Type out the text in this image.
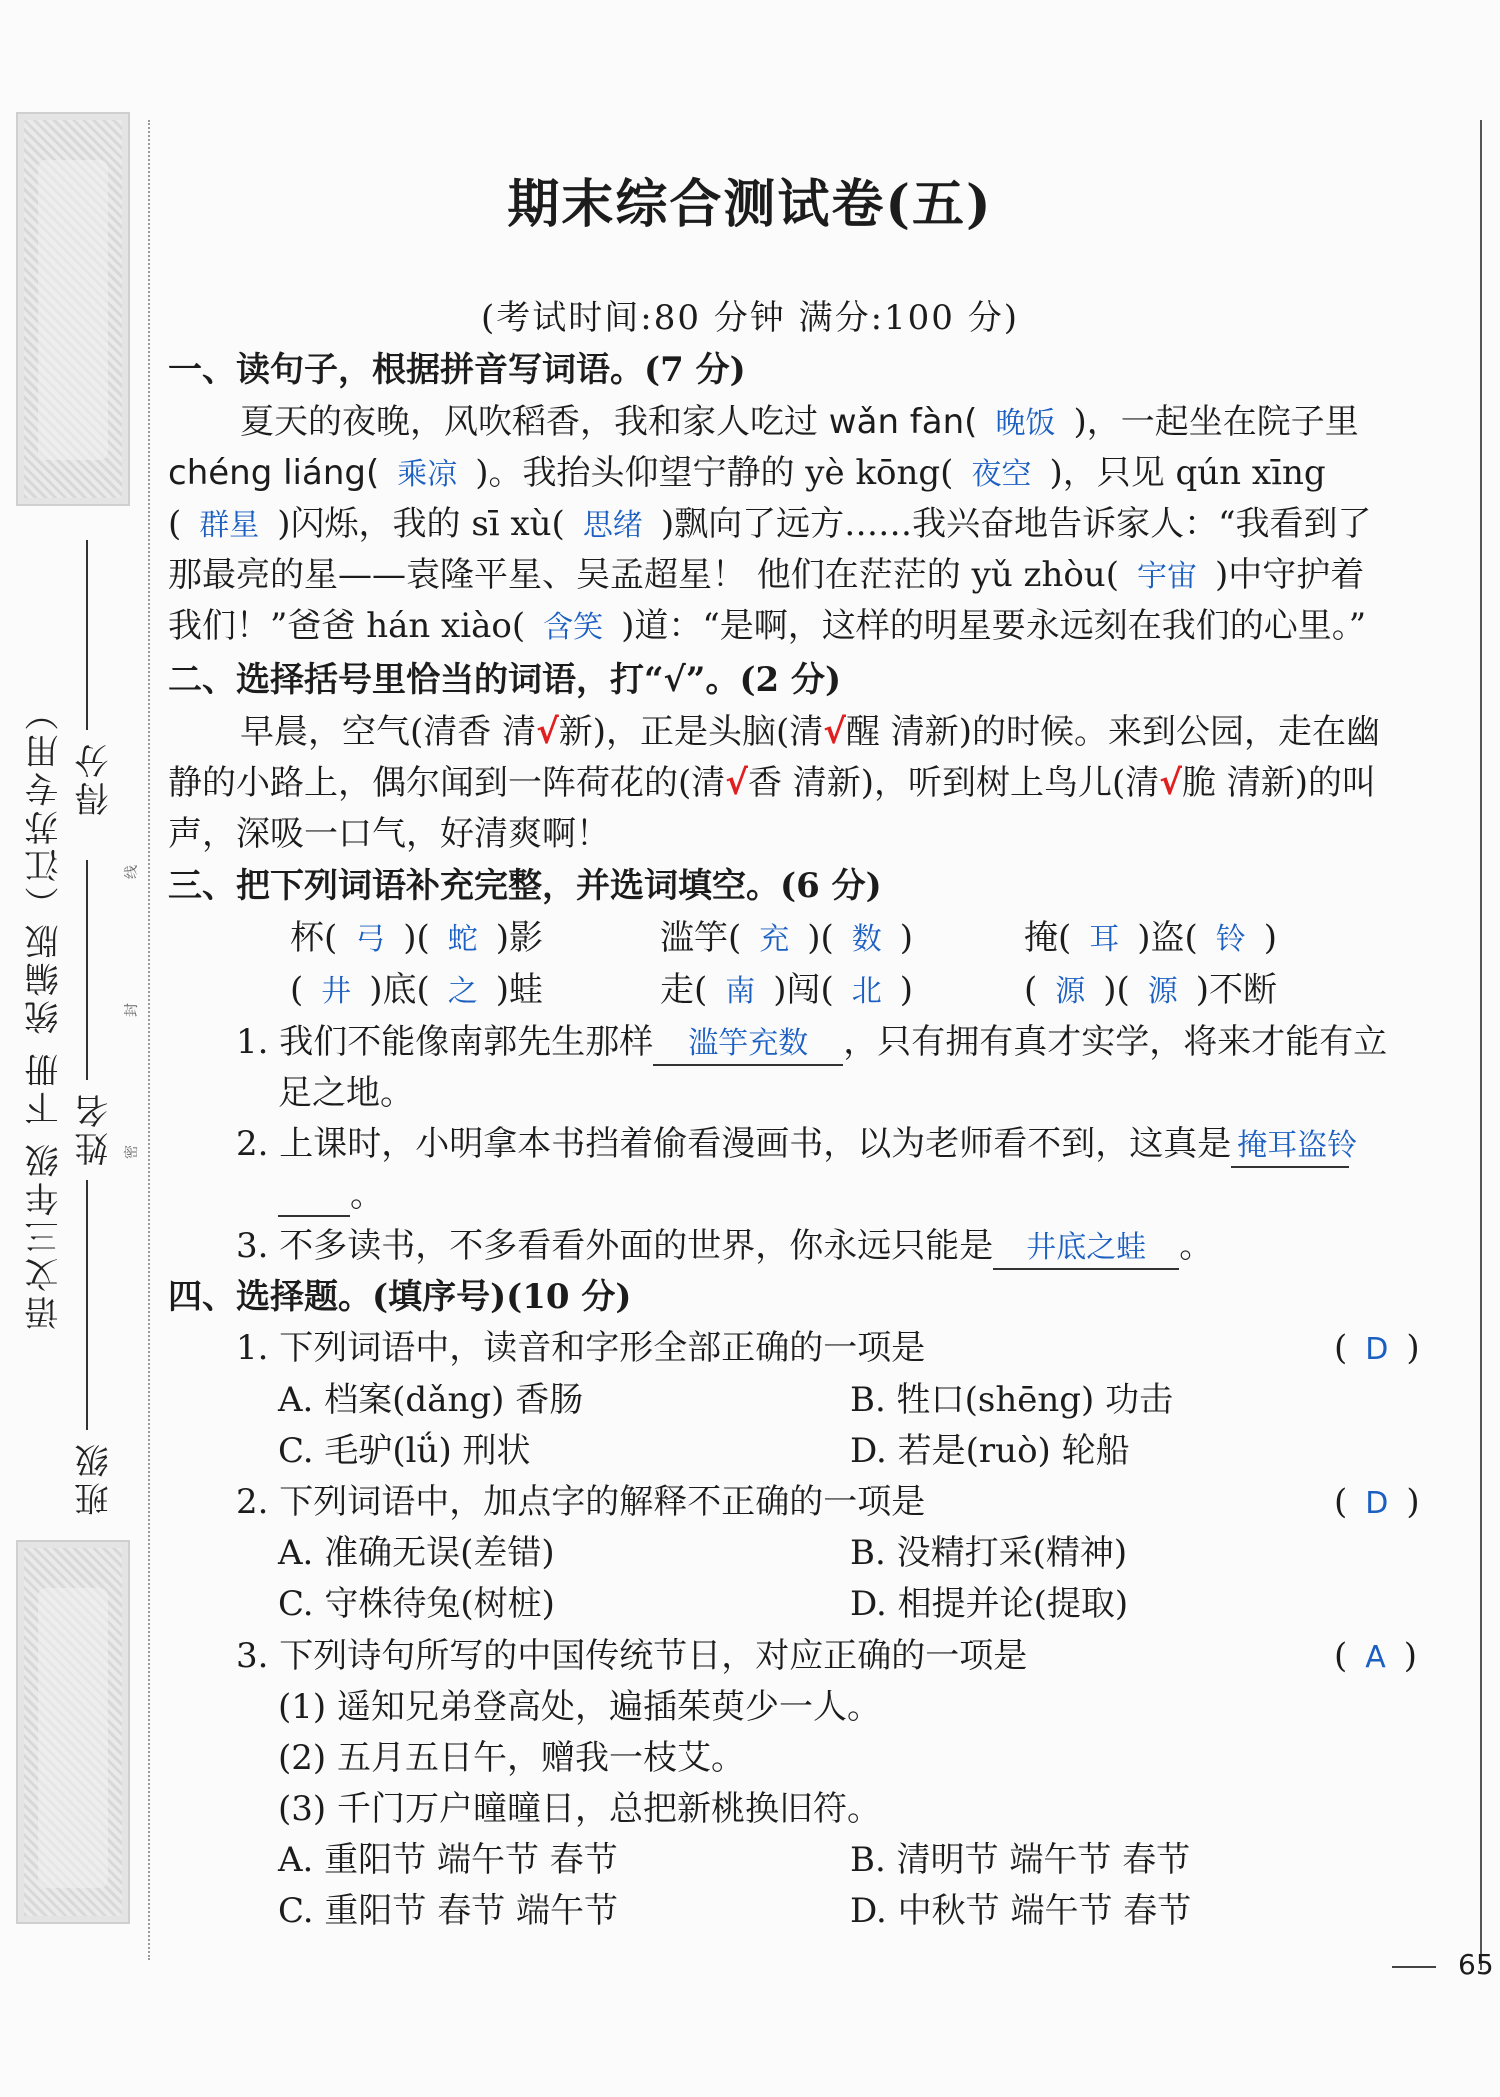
语文三年级 下册 统编版（江苏专用）
班级
姓名
得分
密
封
线
期末综合测试卷(五)
(考试时间:80 分钟 满分:100 分)
一、读句子，根据拼音写词语。(7 分)
夏天的夜晚，风吹稻香，我和家人吃过 wǎn fàn( 晚饭 )，一起坐在院子里
chéng liáng( 乘凉 )。我抬头仰望宁静的 yè kōng( 夜空 )，只见 qún xīng
( 群星 )闪烁，我的 sī xù( 思绪 )飘向了远方……我兴奋地告诉家人：“我看到了
那最亮的星——袁隆平星、吴孟超星！ 他们在茫茫的 yǔ zhòu( 宇宙 )中守护着
我们！”爸爸 hán xiào( 含笑 )道：“是啊，这样的明星要永远刻在我们的心里。”
二、选择括号里恰当的词语，打“√”。(2 分)
早晨，空气(清香 清√新)，正是头脑(清√醒 清新)的时候。来到公园，走在幽
静的小路上，偶尔闻到一阵荷花的(清√香 清新)，听到树上鸟儿(清√脆 清新)的叫
声，深吸一口气，好清爽啊！
三、把下列词语补充完整，并选词填空。(6 分)
杯( 弓 )( 蛇 )影	滥竽( 充 )( 数 )	掩( 耳 )盗( 铃 )
( 井 )底( 之 )蛙	走( 南 )闯( 北 )	( 源 )( 源 )不断
1. 我们不能像南郭先生那样 滥竽充数 ，只有拥有真才实学，将来才能有立
足之地。
2. 上课时，小明拿本书挡着偷看漫画书，以为老师看不到，这真是 掩耳盗铃
。
3. 不多读书，不多看看外面的世界，你永远只能是 井底之蛙 。
四、选择题。(填序号)(10 分)
1. 下列词语中，读音和字形全部正确的一项是	( D )
A. 档案(dǎng) 香肠	B. 牲口(shēng) 功击
C. 毛驴(lǘ) 刑状	D. 若是(ruò) 轮船
2. 下列词语中，加点字的解释不正确的一项是	( D )
A. 准确无误(差错)	B. 没精打采(精神)
C. 守株待兔(树桩)	D. 相提并论(提取)
3. 下列诗句所写的中国传统节日，对应正确的一项是	( A )
(1) 遥知兄弟登高处，遍插茱萸少一人。
(2) 五月五日午，赠我一枝艾。
(3) 千门万户曈曈日，总把新桃换旧符。
A. 重阳节 端午节 春节	B. 清明节 端午节 春节
C. 重阳节 春节 端午节	D. 中秋节 端午节 春节
65
